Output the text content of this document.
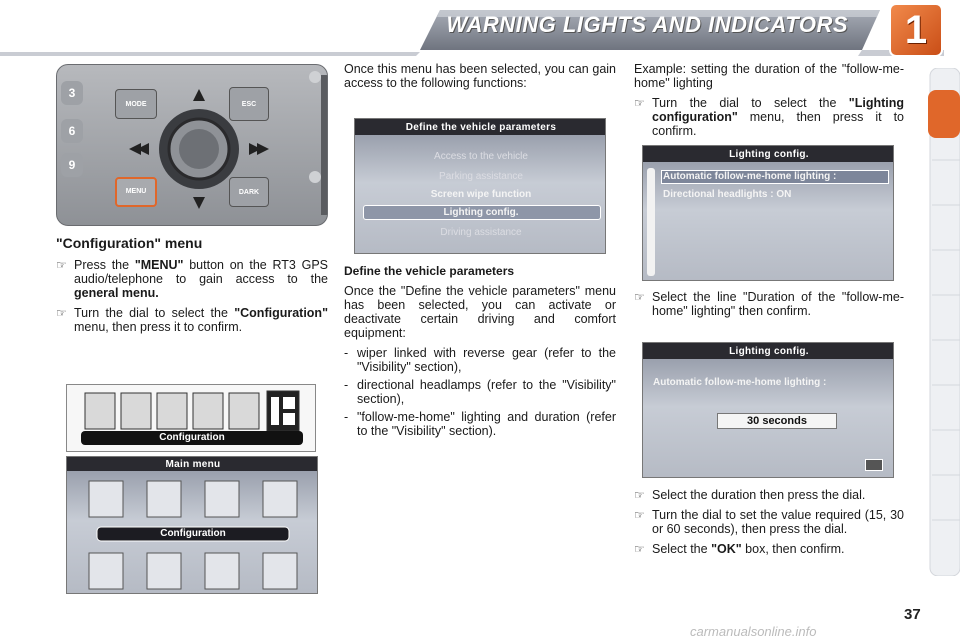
WARNING LIGHTS AND INDICATORS	1
MODE	ESC
MENU	DARK
3
6
9
"Configuration" menu
☞ Press the "MENU" button on the RT3 GPS audio/telephone to gain access to the general menu.
☞ Turn the dial to select the "Configuration" menu, then press it to confirm.
Configuration
Main menu
Configuration

Once this menu has been selected, you can gain access to the following functions:

Define the vehicle parameters
Access to the vehicle
Parking assistance
Screen wipe function
Lighting config.
Driving assistance
Define the vehicle parameters

Once the "Define the vehicle parameters" menu has been selected, you can activate or deactivate certain driving and comfort equipment:

- wiper linked with reverse gear (refer to the "Visibility" section),
- directional headlamps (refer to the "Visibility" section),
- "follow-me-home" lighting and duration (refer to the "Visibility" section).

Example: setting the duration of the "follow-me-home" lighting

☞ Turn the dial to select the "Lighting configuration" menu, then press it to confirm.
Lighting config.
Automatic follow-me-home lighting :
Directional headlights : ON
☞ Select the line "Duration of the "follow-me-home" lighting" then confirm.
Lighting config.
Automatic follow-me-home lighting :
30 seconds
☞ Select the duration then press the dial.
☞ Turn the dial to set the value required (15, 30 or 60 seconds), then press the dial.
☞ Select the "OK" box, then confirm.
37
carmanualsonline.info
